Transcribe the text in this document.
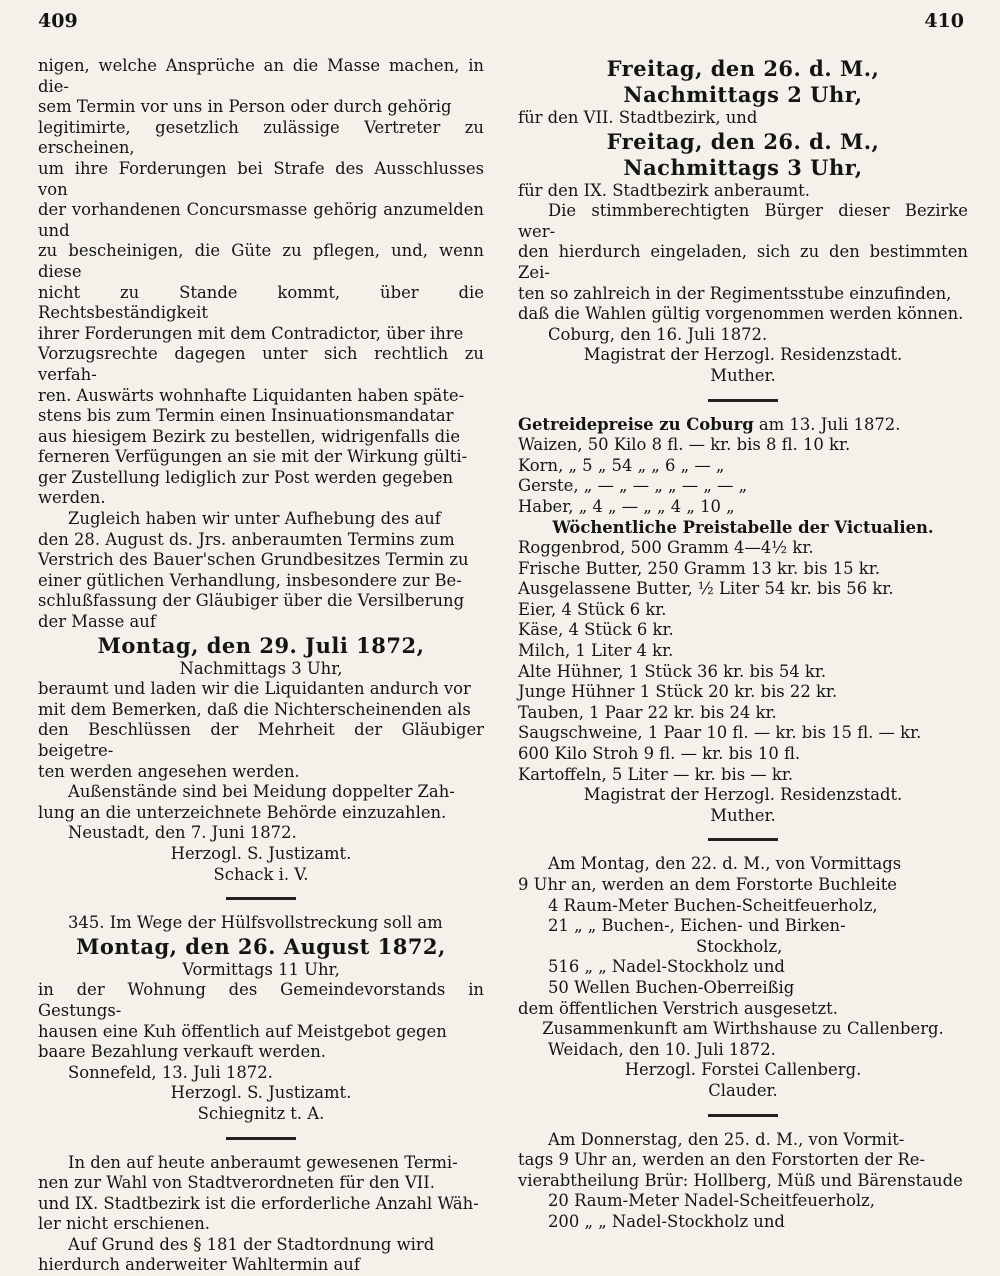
409	410
nigen, welche Ansprüche an die Masse machen, in die-
sem Termin vor uns in Person oder durch gehörig
legitimirte, gesetzlich zulässige Vertreter zu erscheinen,
um ihre Forderungen bei Strafe des Ausschlusses von
der vorhandenen Concursmasse gehörig anzumelden und
zu bescheinigen, die Güte zu pflegen, und, wenn diese
nicht zu Stande kommt, über die Rechtsbeständigkeit
ihrer Forderungen mit dem Contradictor, über ihre
Vorzugsrechte dagegen unter sich rechtlich zu verfah-
ren. Auswärts wohnhafte Liquidanten haben späte-
stens bis zum Termin einen Insinuationsmandatar
aus hiesigem Bezirk zu bestellen, widrigenfalls die
ferneren Verfügungen an sie mit der Wirkung gülti-
ger Zustellung lediglich zur Post werden gegeben
werden.
Zugleich haben wir unter Aufhebung des auf
den 28. August ds. Jrs. anberaumten Termins zum
Verstrich des Bauer'schen Grundbesitzes Termin zu
einer gütlichen Verhandlung, insbesondere zur Be-
schlußfassung der Gläubiger über die Versilberung
der Masse auf
Montag, den 29. Juli 1872,
Nachmittags 3 Uhr,
beraumt und laden wir die Liquidanten andurch vor
mit dem Bemerken, daß die Nichterscheinenden als
den Beschlüssen der Mehrheit der Gläubiger beigetre-
ten werden angesehen werden.
Außenstände sind bei Meidung doppelter Zah-
lung an die unterzeichnete Behörde einzuzahlen.
Neustadt, den 7. Juni 1872.
Herzogl. S. Justizamt.
Schack i. V.
345. Im Wege der Hülfsvollstreckung soll am
Montag, den 26. August 1872,
Vormittags 11 Uhr,
in der Wohnung des Gemeindevorstands in Gestungs-
hausen eine Kuh öffentlich auf Meistgebot gegen
baare Bezahlung verkauft werden.
Sonnefeld, 13. Juli 1872.
Herzogl. S. Justizamt.
Schiegnitz t. A.
In den auf heute anberaumt gewesenen Termi-
nen zur Wahl von Stadtverordneten für den VII.
und IX. Stadtbezirk ist die erforderliche Anzahl Wäh-
ler nicht erschienen.
Auf Grund des § 181 der Stadtordnung wird
hierdurch anderweiter Wahltermin auf
Freitag, den 26. d. M.,
Nachmittags 2 Uhr,
für den VII. Stadtbezirk, und
Freitag, den 26. d. M.,
Nachmittags 3 Uhr,
für den IX. Stadtbezirk anberaumt.
Die stimmberechtigten Bürger dieser Bezirke wer-
den hierdurch eingeladen, sich zu den bestimmten Zei-
ten so zahlreich in der Regimentsstube einzufinden,
daß die Wahlen gültig vorgenommen werden können.
Coburg, den 16. Juli 1872.
Magistrat der Herzogl. Residenzstadt.
Muther.
Getreidepreise zu Coburg am 13. Juli 1872.
Waizen, 50 Kilo 8 fl. — kr. bis 8 fl. 10 kr.
Korn, „ 5 „ 54 „ „ 6 „ — „
Gerste, „ — „ — „ „ — „ — „
Haber, „ 4 „ — „ „ 4 „ 10 „
Wöchentliche Preistabelle der Victualien.
Roggenbrod, 500 Gramm 4—4½ kr.
Frische Butter, 250 Gramm 13 kr. bis 15 kr.
Ausgelassene Butter, ½ Liter 54 kr. bis 56 kr.
Eier, 4 Stück 6 kr.
Käse, 4 Stück 6 kr.
Milch, 1 Liter 4 kr.
Alte Hühner, 1 Stück 36 kr. bis 54 kr.
Junge Hühner 1 Stück 20 kr. bis 22 kr.
Tauben, 1 Paar 22 kr. bis 24 kr.
Saugschweine, 1 Paar 10 fl. — kr. bis 15 fl. — kr.
600 Kilo Stroh 9 fl. — kr. bis 10 fl.
Kartoffeln, 5 Liter — kr. bis — kr.
Magistrat der Herzogl. Residenzstadt.
Muther.
Am Montag, den 22. d. M., von Vormittags
9 Uhr an, werden an dem Forstorte Buchleite
4 Raum-Meter Buchen-Scheitfeuerholz,
21 „ „ Buchen-, Eichen- und Birken-
Stockholz,
516 „ „ Nadel-Stockholz und
50 Wellen Buchen-Oberreißig
dem öffentlichen Verstrich ausgesetzt.
Zusammenkunft am Wirthshause zu Callenberg.
Weidach, den 10. Juli 1872.
Herzogl. Forstei Callenberg.
Clauder.
Am Donnerstag, den 25. d. M., von Vormit-
tags 9 Uhr an, werden an den Forstorten der Re-
vierabtheilung Brür: Hollberg, Müß und Bärenstaude
20 Raum-Meter Nadel-Scheitfeuerholz,
200 „ „ Nadel-Stockholz und
